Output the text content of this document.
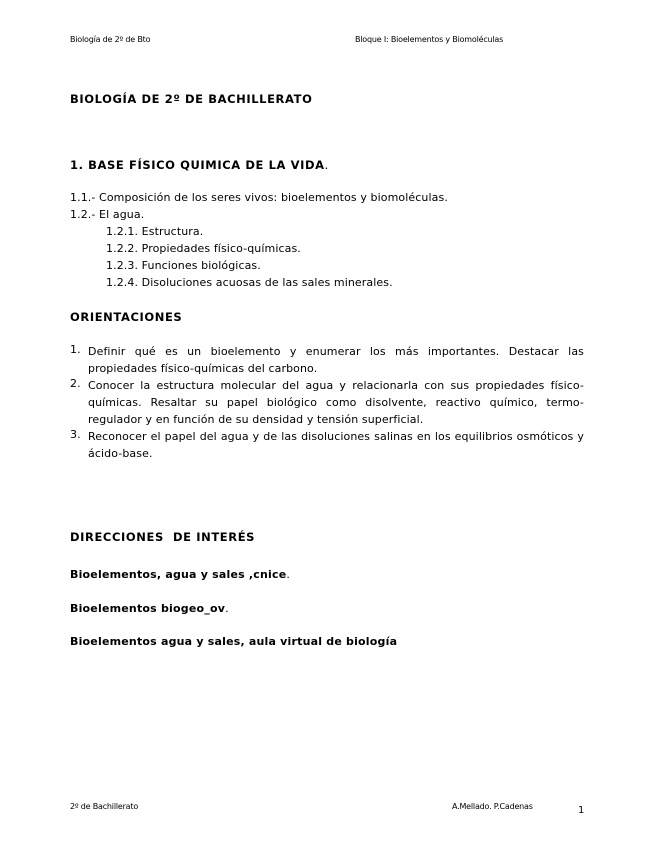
Biología de 2º de Bto	Bloque I: Bioelementos y Biomoléculas
BIOLOGÍA DE 2º DE BACHILLERATO
1. BASE FÍSICO QUIMICA DE LA VIDA.
1.1.- Composición de los seres vivos: bioelementos y biomoléculas.
1.2.- El agua.
1.2.1. Estructura.
1.2.2. Propiedades físico-químicas.
1.2.3. Funciones biológicas.
1.2.4. Disoluciones acuosas de las sales minerales.
ORIENTACIONES
1. Definir qué es un bioelemento y enumerar los más importantes. Destacar las propiedades físico-químicas del carbono.
2. Conocer la estructura molecular del agua y relacionarla con sus propiedades físico-químicas. Resaltar su papel biológico como disolvente, reactivo químico, termo-regulador y en función de su densidad y tensión superficial.
3. Reconocer el papel del agua y de las disoluciones salinas en los equilibrios osmóticos y ácido-base.
DIRECCIONES  DE INTERÉS
Bioelementos, agua y sales ,cnice.
Bioelementos biogeo_ov.
Bioelementos agua y sales, aula virtual de biología
2º de Bachillerato	A.Mellado. P.Cadenas	1
